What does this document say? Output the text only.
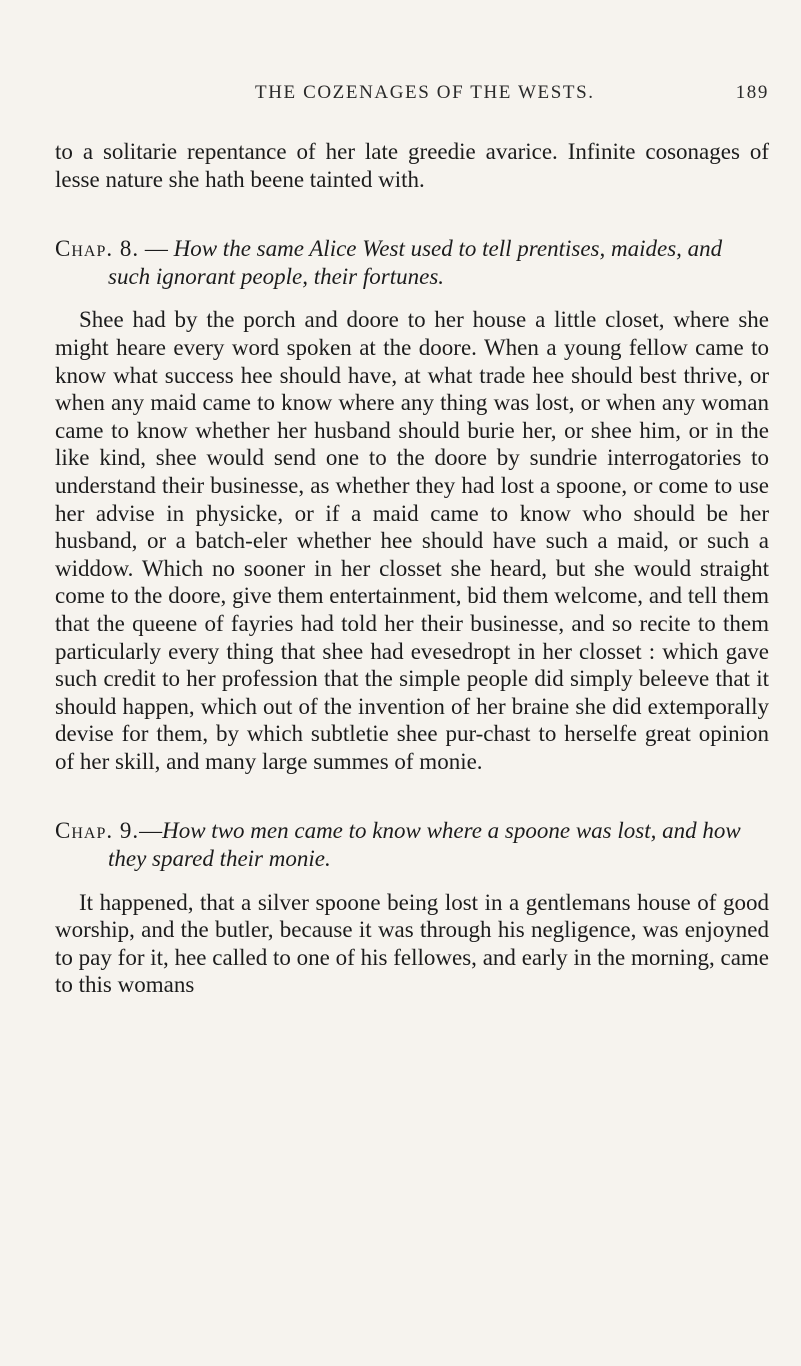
THE COZENAGES OF THE WESTS.	189

to a solitarie repentance of her late greedie avarice. Infinite cosonages of lesse nature she hath beene tainted with.

Chap. 8. — How the same Alice West used to tell prentises, maides, and such ignorant people, their fortunes.

Shee had by the porch and doore to her house a little closet, where she might heare every word spoken at the doore. When a young fellow came to know what success hee should have, at what trade hee should best thrive, or when any maid came to know where any thing was lost, or when any woman came to know whether her husband should burie her, or shee him, or in the like kind, shee would send one to the doore by sundrie interrogatories to understand their businesse, as whether they had lost a spoone, or come to use her advise in physicke, or if a maid came to know who should be her husband, or a batch-eler whether hee should have such a maid, or such a widdow. Which no sooner in her closset she heard, but she would straight come to the doore, give them entertainment, bid them welcome, and tell them that the queene of fayries had told her their businesse, and so recite to them particularly every thing that shee had evesedropt in her closset : which gave such credit to her profession that the simple people did simply beleeve that it should happen, which out of the invention of her braine she did extemporally devise for them, by which subtletie shee pur-chast to herselfe great opinion of her skill, and many large summes of monie.

Chap. 9.—How two men came to know where a spoone was lost, and how they spared their monie.

It happened, that a silver spoone being lost in a gentlemans house of good worship, and the butler, because it was through his negligence, was enjoyned to pay for it, hee called to one of his fellowes, and early in the morning, came to this womans
